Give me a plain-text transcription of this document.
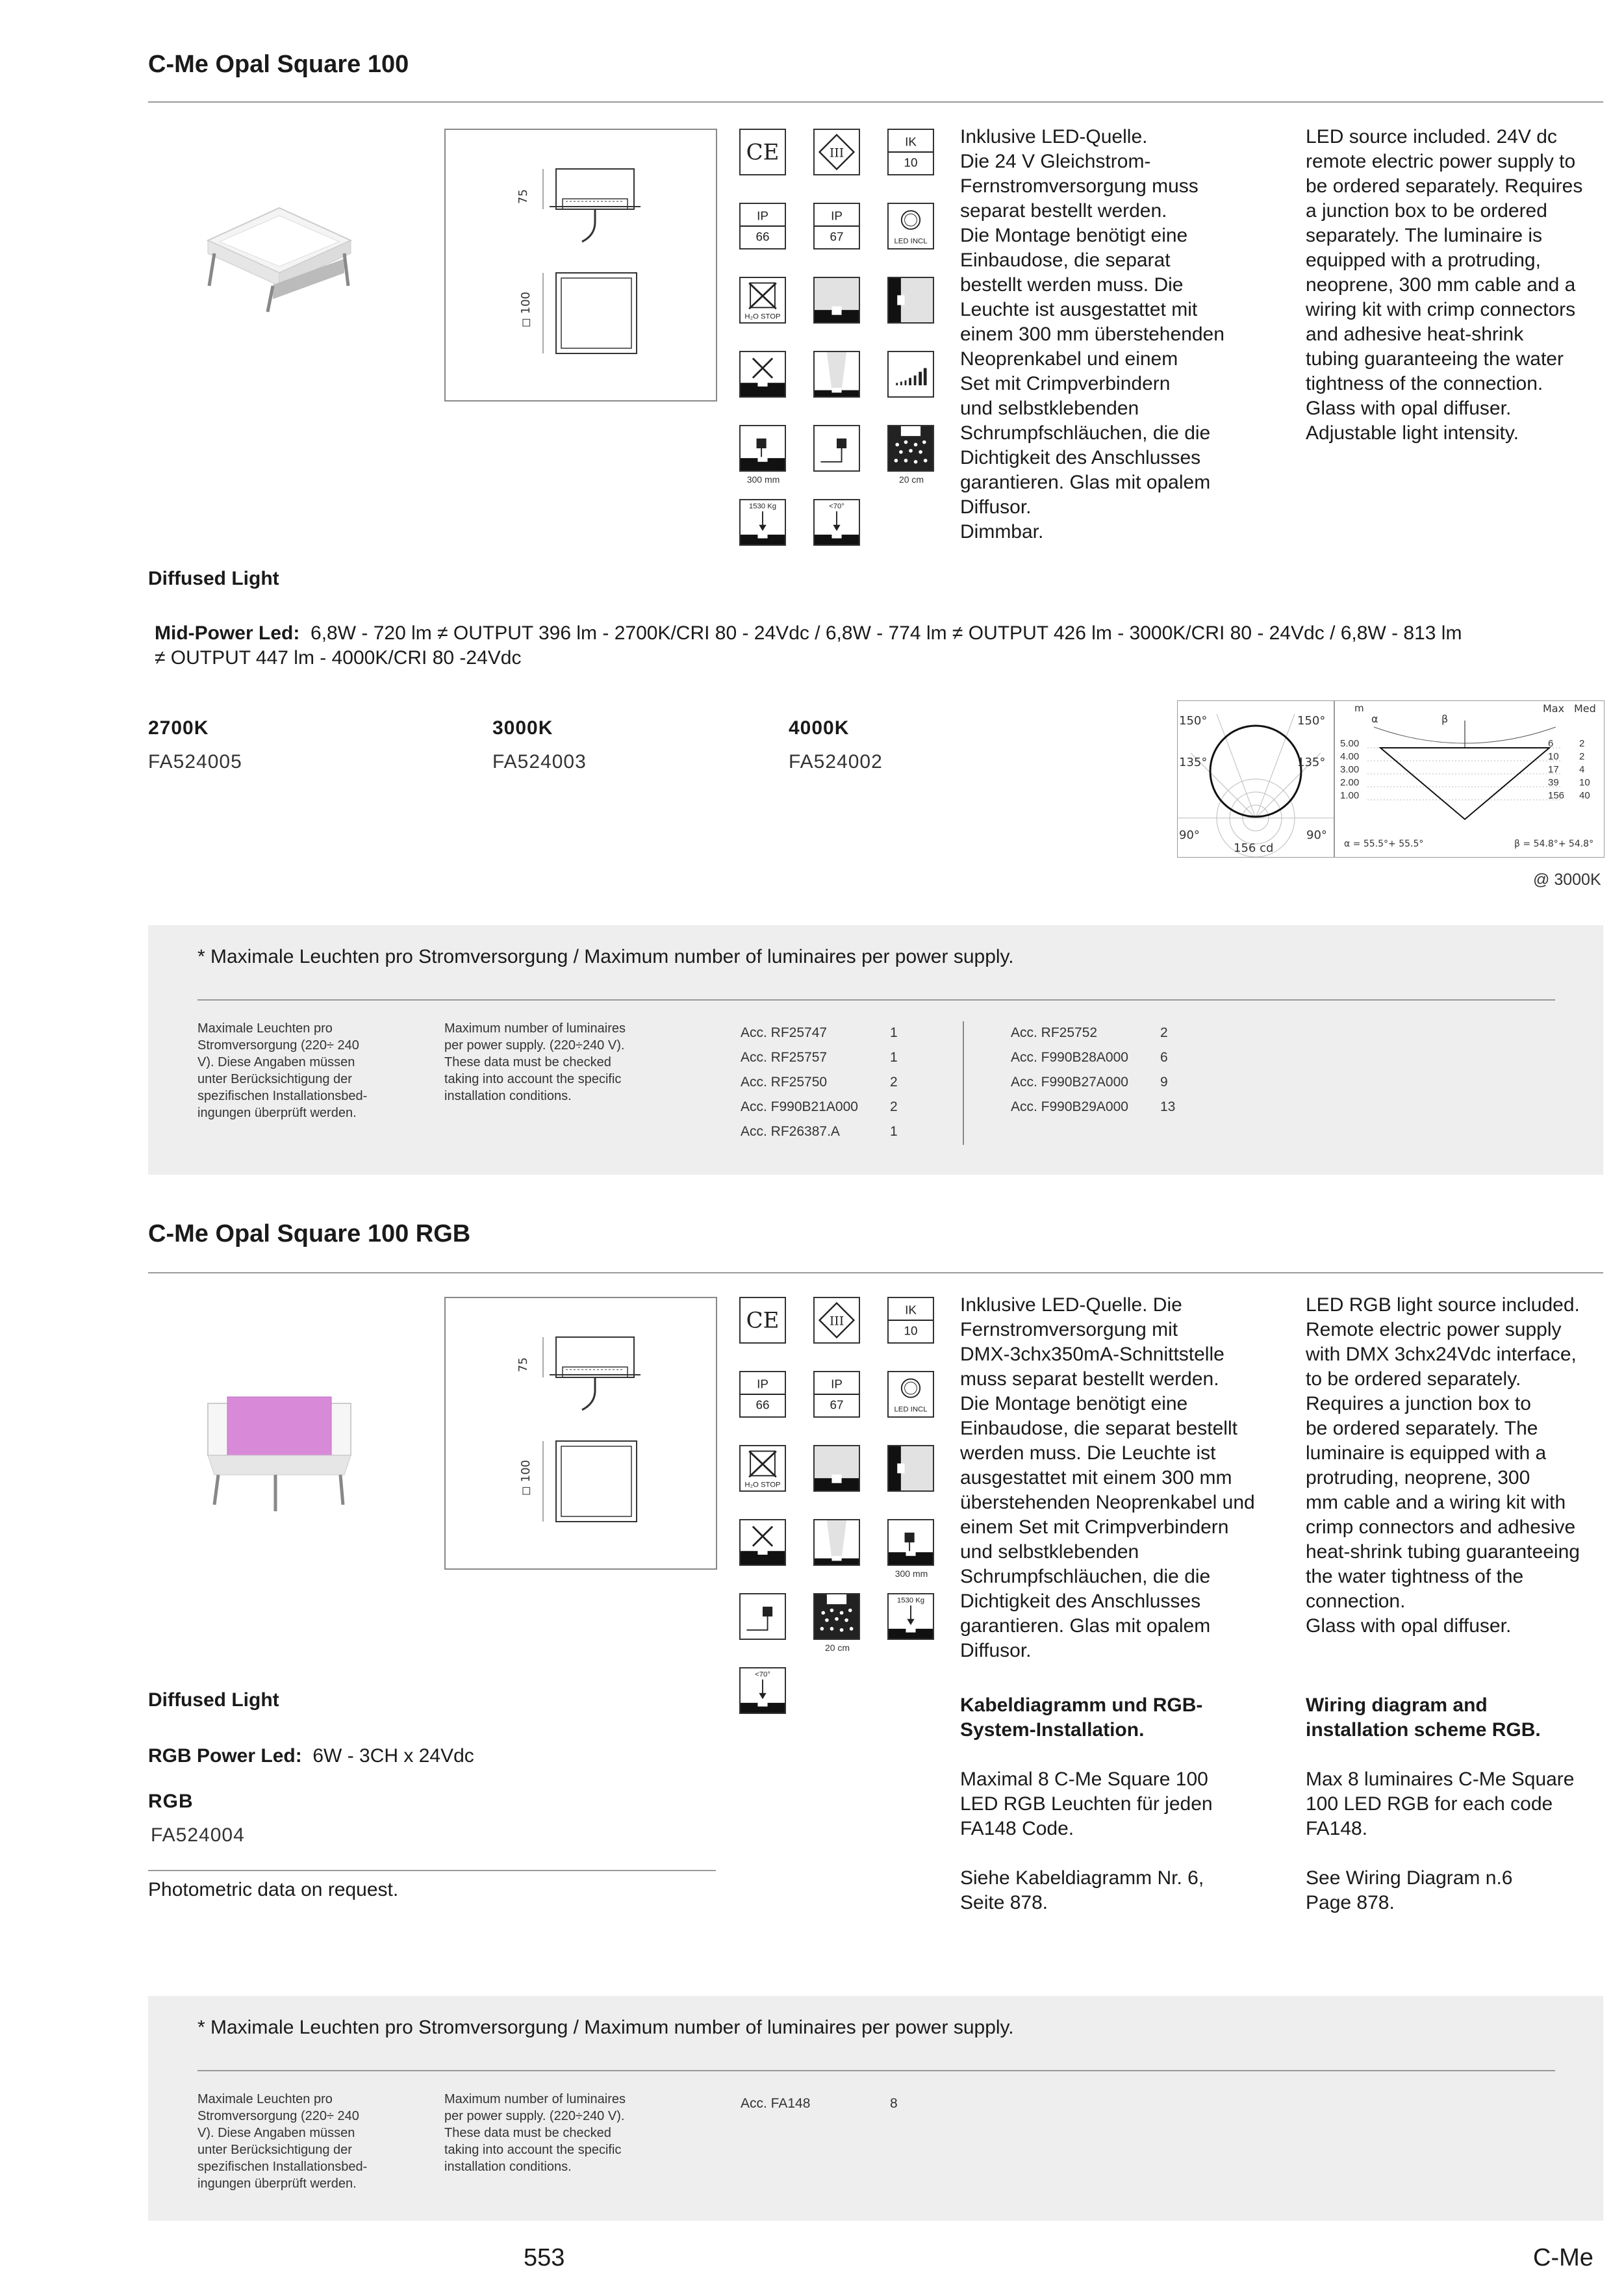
C-Me Opal Square 100
75
◻ 100
CE	III
IK
10
IP
66
IP
67	LED INCL
H₂O STOP
300 mm	20 cm
1530 Kg	<70°
Inklusive LED-Quelle.
Die 24 V Gleichstrom-
Fernstromversorgung muss
separat bestellt werden.
Die Montage benötigt eine
Einbaudose, die separat
bestellt werden muss. Die
Leuchte ist ausgestattet mit
einem 300 mm überstehenden
Neoprenkabel und einem
Set mit Crimpverbindern
und selbstklebenden
Schrumpfschläuchen, die die
Dichtigkeit des Anschlusses
garantieren. Glas mit opalem
Diffusor.
Dimmbar.
LED source included. 24V dc
remote electric power supply to
be ordered separately. Requires
a junction box to be ordered
separately. The luminaire is
equipped with a protruding,
neoprene, 300 mm cable and a
wiring kit with crimp connectors
and adhesive heat-shrink
tubing guaranteeing the water
tightness of the connection.
Glass with opal diffuser.
Adjustable light intensity.
Diffused Light
Mid-Power Led: 6,8W - 720 lm ≠ OUTPUT 396 lm - 2700K/CRI 80 - 24Vdc / 6,8W - 774 lm ≠ OUTPUT 426 lm - 3000K/CRI 80 - 24Vdc / 6,8W - 813 lm
≠ OUTPUT 447 lm - 4000K/CRI 80 -24Vdc
2700K
FA524005
3000K
FA524003
4000K
FA524002
150°	150°
135°	135°
90°	90°
156 cd
m
α	β
Max Med
5.00	6	2
4.00	10	2
3.00	17	4
2.00	39	10
1.00	156	40
α = 55.5°+ 55.5°	β = 54.8°+ 54.8°
@ 3000K
* Maximale Leuchten pro Stromversorgung / Maximum number of luminaires per power supply.
Maximale Leuchten pro
Stromversorgung (220÷ 240
V). Diese Angaben müssen
unter Berücksichtigung der
spezifischen Installationsbed-
ingungen überprüft werden.
Maximum number of luminaires
per power supply. (220÷240 V).
These data must be checked
taking into account the specific
installation conditions.
Acc. RF25747	1
Acc. RF25757	1
Acc. RF25750	2
Acc. F990B21A000	2
Acc. RF26387.A	1
Acc. RF25752	2
Acc. F990B28A000	6
Acc. F990B27A000	9
Acc. F990B29A000	13
C-Me Opal Square 100 RGB
75
◻ 100
CE	III
IK
10
IP
66
IP
67	LED INCL
H₂O STOP
300 mm
1530 Kg
20 cm
<70°
Inklusive LED-Quelle. Die
Fernstromversorgung mit
DMX-3chx350mA-Schnittstelle
muss separat bestellt werden.
Die Montage benötigt eine
Einbaudose, die separat bestellt
werden muss. Die Leuchte ist
ausgestattet mit einem 300 mm
überstehenden Neoprenkabel und
einem Set mit Crimpverbindern
und selbstklebenden
Schrumpfschläuchen, die die
Dichtigkeit des Anschlusses
garantieren. Glas mit opalem
Diffusor.
LED RGB light source included.
Remote electric power supply
with DMX 3chx24Vdc interface,
to be ordered separately.
Requires a junction box to
be ordered separately. The
luminaire is equipped with a
protruding, neoprene, 300
mm cable and a wiring kit with
crimp connectors and adhesive
heat-shrink tubing guaranteeing
the water tightness of the
connection.
Glass with opal diffuser.
Kabeldiagramm und RGB-
System-Installation.
Wiring diagram and
installation scheme RGB.
Maximal 8 C-Me Square 100
LED RGB Leuchten für jeden
FA148 Code.
Max 8 luminaires C-Me Square
100 LED RGB for each code
FA148.
Siehe Kabeldiagramm Nr. 6,
Seite 878.
See Wiring Diagram n.6
Page 878.
Diffused Light
RGB Power Led: 6W - 3CH x 24Vdc
RGB
FA524004
Photometric data on request.
* Maximale Leuchten pro Stromversorgung / Maximum number of luminaires per power supply.
Maximale Leuchten pro
Stromversorgung (220÷ 240
V). Diese Angaben müssen
unter Berücksichtigung der
spezifischen Installationsbed-
ingungen überprüft werden.
Maximum number of luminaires
per power supply. (220÷240 V).
These data must be checked
taking into account the specific
installation conditions.
Acc. FA148	8
553	C-Me
